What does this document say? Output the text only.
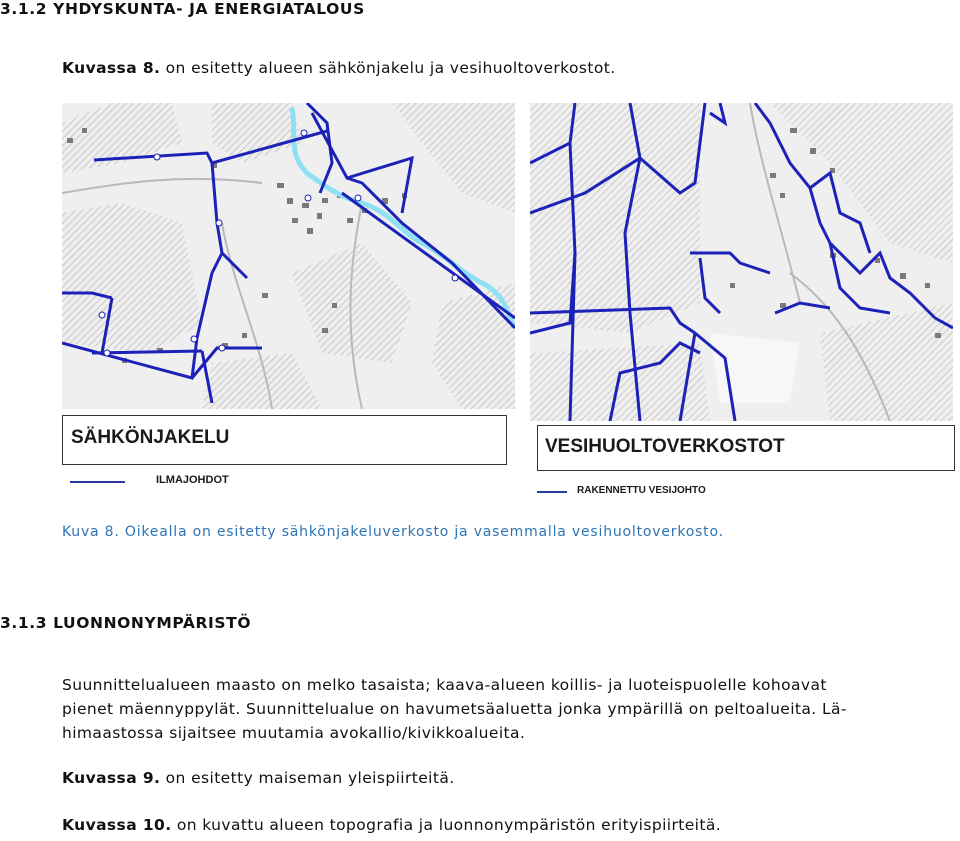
3.1.2 YHDYSKUNTA- JA ENERGIATALOUS
Kuvassa 8. on esitetty alueen sähkönjakelu ja vesihuoltoverkostot.
SÄHKÖNJAKELU
ILMAJOHDOT
VESIHUOLTOVERKOSTOT
RAKENNETTU VESIJOHTO
Kuva 8. Oikealla on esitetty sähkönjakeluverkosto ja vasemmalla vesihuoltoverkosto.
3.1.3 LUONNONYMPÄRISTÖ
Suunnittelualueen maasto on melko tasaista; kaava-alueen koillis- ja luoteispuolelle kohoavat
pienet mäennyppylät. Suunnittelualue on havumetsäaluetta jonka ympärillä on peltoalueita. Lä-
himaastossa sijaitsee muutamia avokallio/kivikkoalueita.
Kuvassa 9. on esitetty maiseman yleispiirteitä.
Kuvassa 10. on kuvattu alueen topografia ja luonnonympäristön erityispiirteitä.
